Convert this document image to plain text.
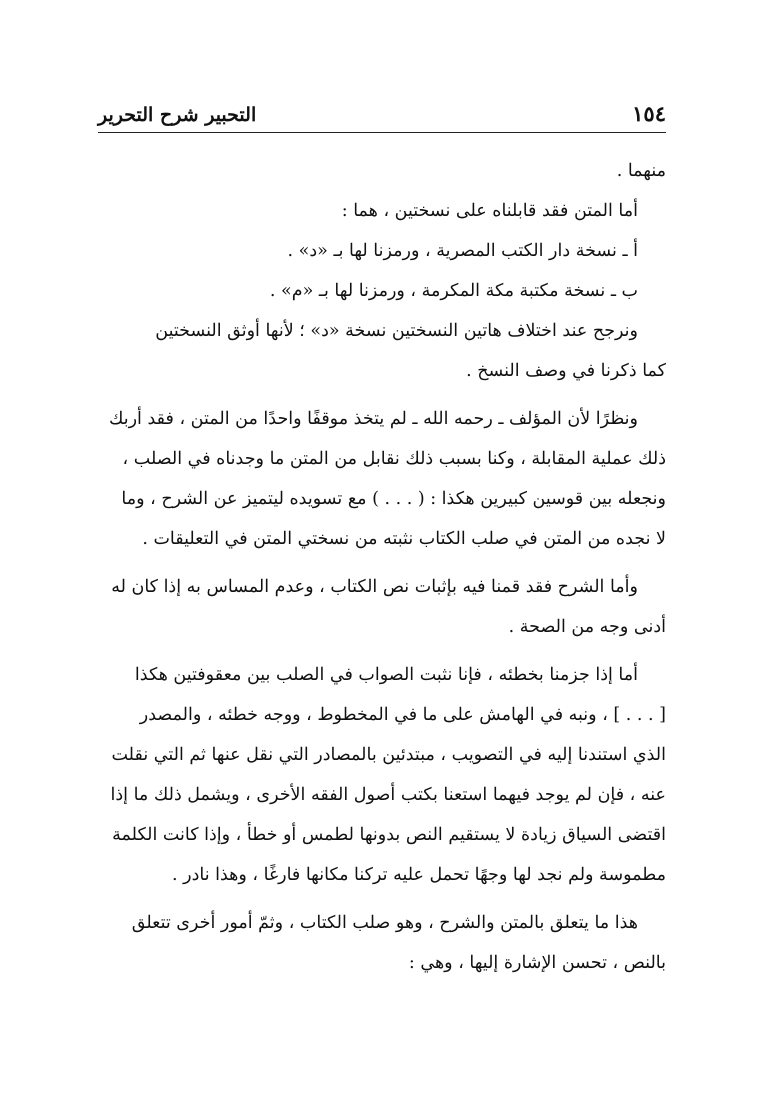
١٥٤
التحبير شرح التحرير
منهما .
أما المتن فقد قابلناه على نسختين ، هما :
أ ـ نسخة دار الكتب المصرية ، ورمزنا لها بـ «د» .
ب ـ نسخة مكتبة مكة المكرمة ، ورمزنا لها بـ «م» .
ونرجح عند اختلاف هاتين النسختين نسخة «د» ؛ لأنها أوثق النسختين
كما ذكرنا في وصف النسخ .
ونظرًا لأن المؤلف ـ رحمه الله ـ لم يتخذ موقفًا واحدًا من المتن ، فقد أربك
ذلك عملية المقابلة ، وكنا بسبب ذلك نقابل من المتن ما وجدناه في الصلب ،
ونجعله بين قوسين كبيرين هكذا : ( . . . ) مع تسويده ليتميز عن الشرح ، وما
لا نجده من المتن في صلب الكتاب نثبته من نسختي المتن في التعليقات .
وأما الشرح فقد قمنا فيه بإثبات نص الكتاب ، وعدم المساس به إذا كان له
أدنى وجه من الصحة .
أما إذا جزمنا بخطئه ، فإنا نثبت الصواب في الصلب بين معقوفتين هكذا
[ . . . ] ، ونبه في الهامش على ما في المخطوط ، ووجه خطئه ، والمصدر
الذي استندنا إليه في التصويب ، مبتدئين بالمصادر التي نقل عنها ثم التي نقلت
عنه ، فإن لم يوجد فيهما استعنا بكتب أصول الفقه الأخرى ، ويشمل ذلك ما إذا
اقتضى السياق زيادة لا يستقيم النص بدونها لطمس أو خطأ ، وإذا كانت الكلمة
مطموسة ولم نجد لها وجهًا تحمل عليه تركنا مكانها فارغًا ، وهذا نادر .
هذا ما يتعلق بالمتن والشرح ، وهو صلب الكتاب ، وثمّ أمور أخرى تتعلق
بالنص ، تحسن الإشارة إليها ، وهي :
